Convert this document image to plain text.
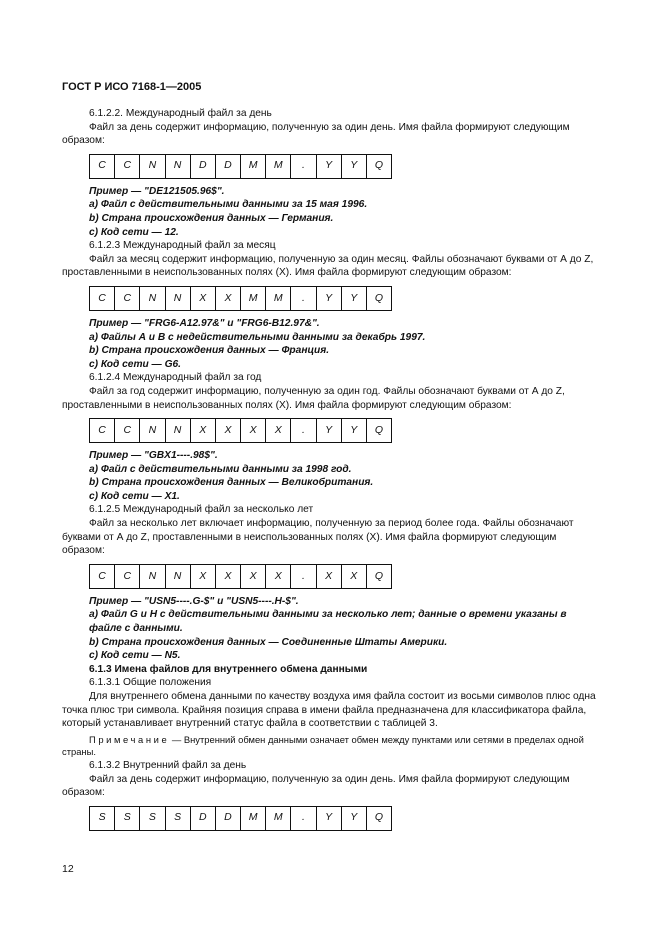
ГОСТ Р ИСО 7168-1—2005

6.1.2.2. Международный файл за день

Файл за день содержит информацию, полученную за один день. Имя файла формируют следующим образом:

C	C	N	N	D	D	M	M	.	Y	Y	Q

Пример — "DE121505.96$".

а) Файл с действительными данными за 15 мая 1996.

b) Страна происхождения данных — Германия.

с) Код сети — 12.

6.1.2.3 Международный файл за месяц

Файл за месяц содержит информацию, полученную за один месяц. Файлы обозначают буквами от А до Z, проставленными в неиспользованных полях (X). Имя файла формируют следующим образом:

C	C	N	N	X	X	M	M	.	Y	Y	Q

Пример — "FRG6-A12.97&" и "FRG6-B12.97&".

а) Файлы А и В с недействительными данными за декабрь 1997.

b) Страна происхождения данных — Франция.

с) Код сети — G6.

6.1.2.4 Международный файл за год

Файл за год содержит информацию, полученную за один год. Файлы обозначают буквами от А до Z, проставленными в неиспользованных полях (X). Имя файла формируют следующим образом:

C	C	N	N	X	X	X	X	.	Y	Y	Q

Пример — "GBX1----.98$".

а) Файл с действительными данными за 1998 год.

b) Страна происхождения данных — Великобритания.

с) Код сети — X1.

6.1.2.5 Международный файл за несколько лет

Файл за несколько лет включает информацию, полученную за период более года. Файлы обозначают буквами от А до Z, проставленными в неиспользованных полях (X). Имя файла формируют следующим образом:

C	C	N	N	X	X	X	X	.	X	X	Q

Пример — "USN5----.G-$" и "USN5----.H-$".

а) Файл G и Н с действительными данными за несколько лет; данные о времени указаны в файле с данными.

b) Страна происхождения данных — Соединенные Штаты Америки.

с) Код сети — N5.

6.1.3 Имена файлов для внутреннего обмена данными

6.1.3.1 Общие положения

Для внутреннего обмена данными по качеству воздуха имя файла состоит из восьми символов плюс одна точка плюс три символа. Крайняя позиция справа в имени файла предназначена для классификатора файла, который устанавливает внутренний статус файла в соответствии с таблицей 3.

Примечание — Внутренний обмен данными означает обмен между пунктами или сетями в пределах одной страны.

6.1.3.2 Внутренний файл за день

Файл за день содержит информацию, полученную за один день. Имя файла формируют следующим образом:

S	S	S	S	D	D	M	M	.	Y	Y	Q
12
